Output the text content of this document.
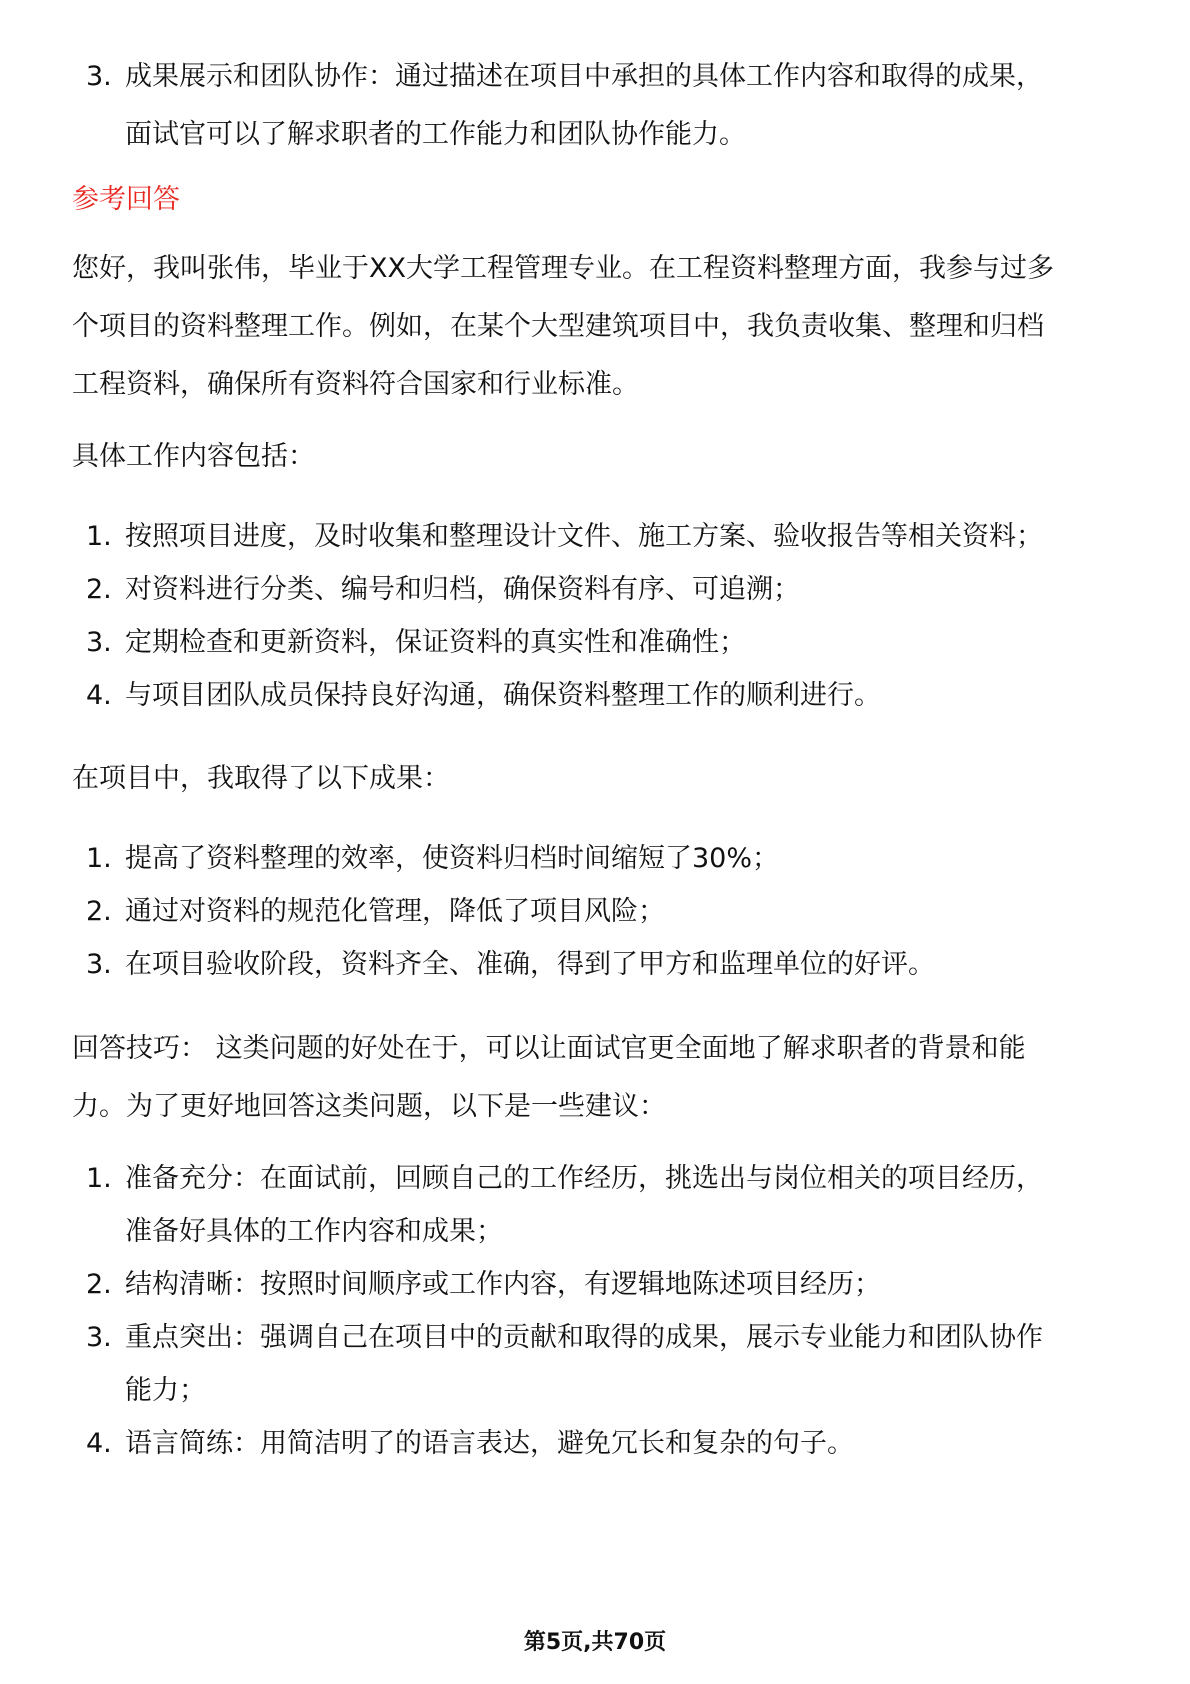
3. 成果展示和团队协作：通过描述在项目中承担的具体工作内容和取得的成果，
面试官可以了解求职者的工作能力和团队协作能力。
参考回答
您好，我叫张伟，毕业于XX大学工程管理专业。在工程资料整理方面，我参与过多
个项目的资料整理工作。例如，在某个大型建筑项目中，我负责收集、整理和归档
工程资料，确保所有资料符合国家和行业标准。
具体工作内容包括：
1. 按照项目进度，及时收集和整理设计文件、施工方案、验收报告等相关资料；
2. 对资料进行分类、编号和归档，确保资料有序、可追溯；
3. 定期检查和更新资料，保证资料的真实性和准确性；
4. 与项目团队成员保持良好沟通，确保资料整理工作的顺利进行。
在项目中，我取得了以下成果：
1. 提高了资料整理的效率，使资料归档时间缩短了30%；
2. 通过对资料的规范化管理，降低了项目风险；
3. 在项目验收阶段，资料齐全、准确，得到了甲方和监理单位的好评。
回答技巧： 这类问题的好处在于，可以让面试官更全面地了解求职者的背景和能
力。为了更好地回答这类问题，以下是一些建议：
1. 准备充分：在面试前，回顾自己的工作经历，挑选出与岗位相关的项目经历，
准备好具体的工作内容和成果；
2. 结构清晰：按照时间顺序或工作内容，有逻辑地陈述项目经历；
3. 重点突出：强调自己在项目中的贡献和取得的成果，展示专业能力和团队协作
能力；
4. 语言简练：用简洁明了的语言表达，避免冗长和复杂的句子。
第5页,共70页
